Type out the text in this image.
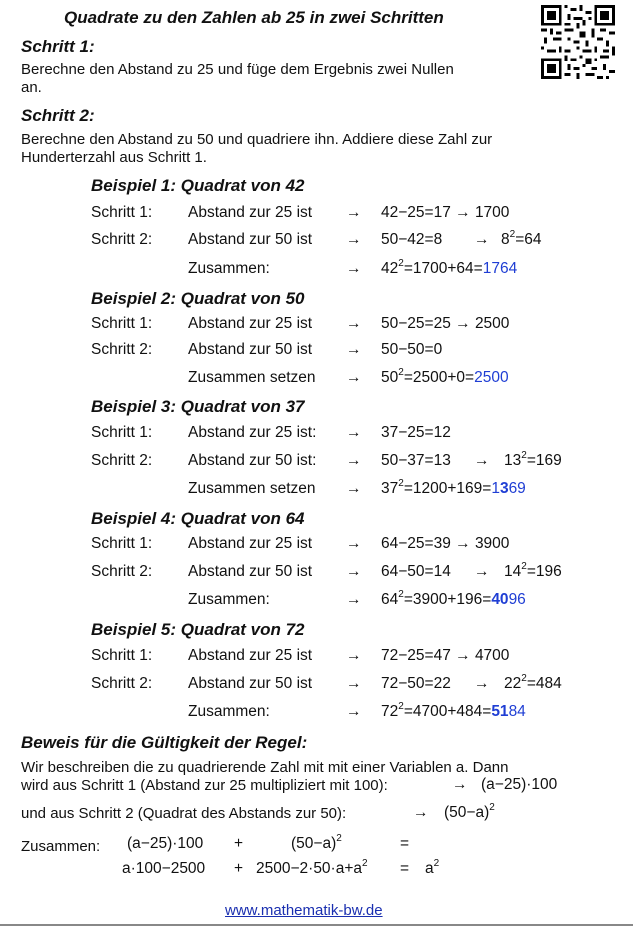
Quadrate zu den Zahlen ab 25 in zwei Schritten
Schritt 1:
Berechne den Abstand zu 25 und füge dem Ergebnis zwei Nullen
an.
Schritt 2:
Berechne den Abstand zu 50 und quadriere ihn. Addiere diese Zahl zur
Hunderterzahl aus Schritt 1.
Beispiel 1: Quadrat von 42
Schritt 1: Abstand zur 25 ist → 42−25=17 → 1700
Schritt 2: Abstand zur 50 ist → $50-42=8 \to 8^2=64$
Zusammen:	→ $42^2=1700+64=1764$
Beispiel 2: Quadrat von 50
Schritt 1: Abstand zur 25 ist → 50−25=25 → 2500
Schritt 2: Abstand zur 50 ist → 50−50=0
Zusammen setzen → $50^2=2500+0=2500$
Beispiel 3: Quadrat von 37
Schritt 1: Abstand zur 25 ist: → 37−25=12
Schritt 2: Abstand zur 50 ist: → $50-37=13 \to 13^2=169$
Zusammen setzen → $37^2=1200+169=1369$
Beispiel 4: Quadrat von 64
Schritt 1: Abstand zur 25 ist → 64−25=39 → 3900
Schritt 2: Abstand zur 50 ist → $64-50=14 \to 14^2=196$
Zusammen:	→ $64^2=3900+196=4096$
Beispiel 5: Quadrat von 72
Schritt 1: Abstand zur 25 ist → 72−25=47 → 4700
Schritt 2: Abstand zur 50 ist → $72-50=22 \to 22^2=484$
Zusammen:	→ $72^2=4700+484=5184$
Beweis für die Gültigkeit der Regel:
Wir beschreiben die zu quadrierende Zahl mit mit einer Variablen a. Dann
wird aus Schritt 1 (Abstand zur 25 multipliziert mit 100):	→ (a−25)·100
und aus Schritt 2 (Quadrat des Abstands zur 50):	→ $(50-a)^2$
Zusammen: (a−25)·100 +	$(50-a)^2$	=
$a\cdot 100-2500 + 2500-2\cdot 50\cdot a+a^2 = a^2$
www.mathematik-bw.de
